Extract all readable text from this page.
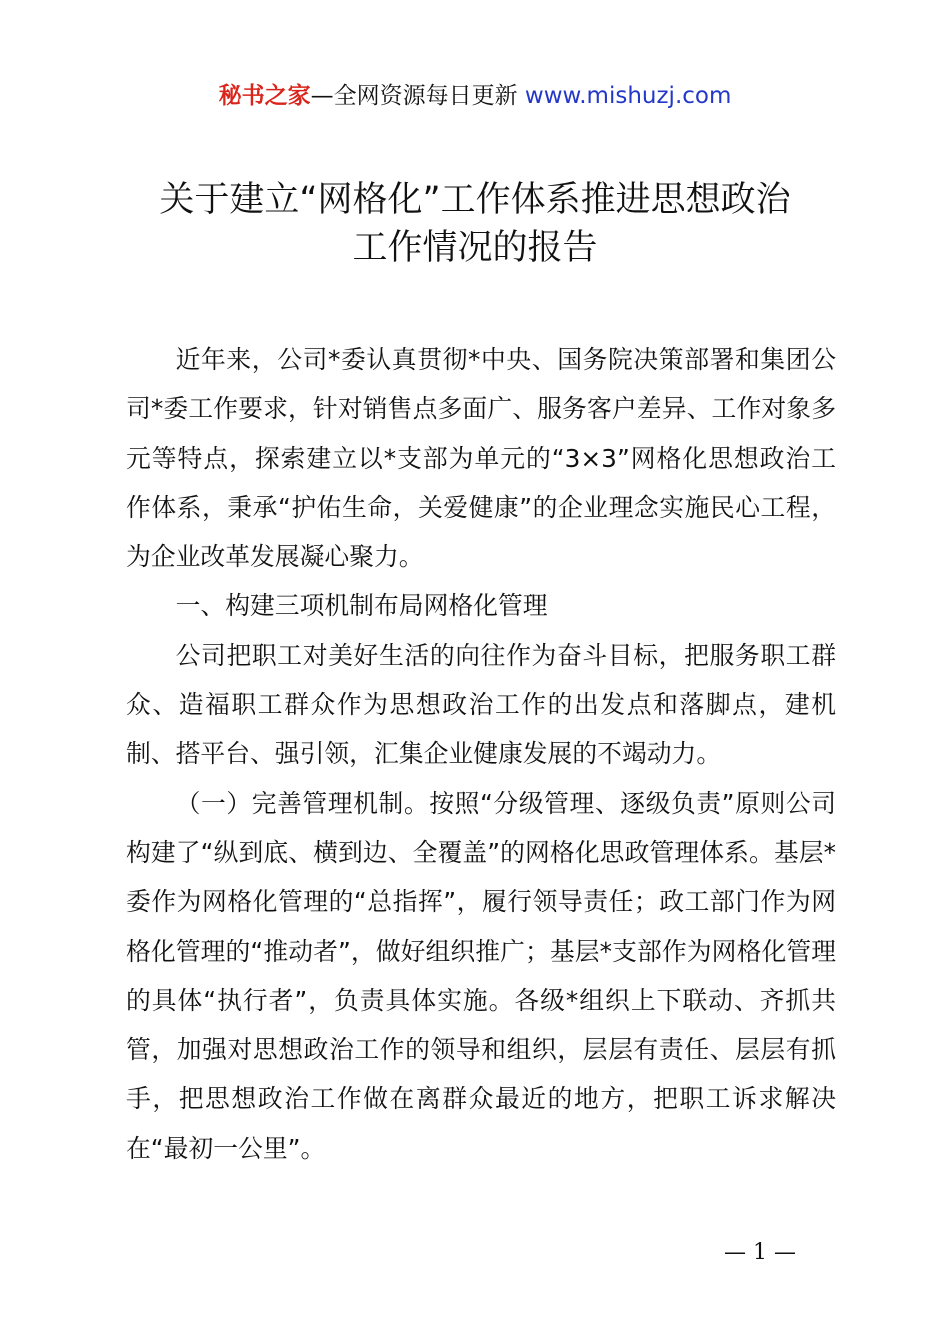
秘书之家—全网资源每日更新 www.mishuzj.com
关于建立“网格化”工作体系推进思想政治
工作情况的报告

近年来，公司*委认真贯彻*中央、国务院决策部署和集团公司*委工作要求，针对销售点多面广、服务客户差异、工作对象多元等特点，探索建立以*支部为单元的“3×3”网格化思想政治工作体系，秉承“护佑生命，关爱健康”的企业理念实施民心工程，为企业改革发展凝心聚力。

一、构建三项机制布局网格化管理

公司把职工对美好生活的向往作为奋斗目标，把服务职工群众、造福职工群众作为思想政治工作的出发点和落脚点，建机制、搭平台、强引领，汇集企业健康发展的不竭动力。

（一）完善管理机制。按照“分级管理、逐级负责”原则公司构建了“纵到底、横到边、全覆盖”的网格化思政管理体系。基层*委作为网格化管理的“总指挥”，履行领导责任；政工部门作为网格化管理的“推动者”，做好组织推广；基层*支部作为网格化管理的具体“执行者”，负责具体实施。各级*组织上下联动、齐抓共管，加强对思想政治工作的领导和组织，层层有责任、层层有抓手，把思想政治工作做在离群众最近的地方，把职工诉求解决在“最初一公里”。

— 1 —
